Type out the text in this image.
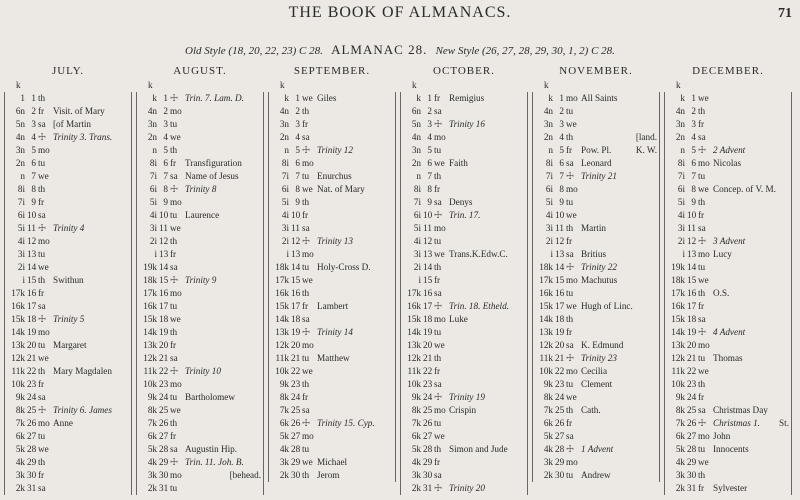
THE BOOK OF ALMANACS.	71
Old Style (18, 20, 22, 23) C 28. ALMANAC 28. New Style (26, 27, 28, 29, 30, 1, 2) C 28.
JULY.
k
1 1 th
6n 2 fr Visit. of Mary
5n 3 sa [of Martin
4n 4 ☩ Trinity 3. Trans.
3n 5 mo
2n 6 tu
n 7 we
8i 8 th
7i 9 fr
6i 10 sa
5i 11 ☩ Trinity 4
4i 12 mo
3i 13 tu
2i 14 we
i 15 th Swithun
17k 16 fr
16k 17 sa
15k 18 ☩ Trinity 5
14k 19 mo
13k 20 tu Margaret
12k 21 we
11k 22 th Mary Magdalen
10k 23 fr
9k 24 sa
8k 25 ☩ Trinity 6. James
7k 26 mo Anne
6k 27 tu
5k 28 we
4k 29 th
3k 30 fr
2k 31 sa
AUGUST.
k
k 1 ☩ Trin. 7. Lam. D.
4n 2 mo
3n 3 tu
2n 4 we
n 5 th
8i 6 fr Transfiguration
7i 7 sa Name of Jesus
6i 8 ☩ Trinity 8
5i 9 mo
4i 10 tu Laurence
3i 11 we
2i 12 th
i 13 fr
19k 14 sa
18k 15 ☩ Trinity 9
17k 16 mo
16k 17 tu
15k 18 we
14k 19 th
13k 20 fr
12k 21 sa
11k 22 ☩ Trinity 10
10k 23 mo
9k 24 tu Bartholomew
8k 25 we
7k 26 th
6k 27 fr
5k 28 sa Augustin Hip.
4k 29 ☩ Trin. 11. Joh. B.
3k 30 mo	[behead.
2k 31 tu
SEPTEMBER.
k
k 1 we Giles
4n 2 th
3n 3 fr
2n 4 sa
n 5 ☩ Trinity 12
8i 6 mo
7i 7 tu Enurchus
6i 8 we Nat. of Mary
5i 9 th
4i 10 fr
3i 11 sa
2i 12 ☩ Trinity 13
i 13 mo
18k 14 tu Holy-Cross D.
17k 15 we
16k 16 th
15k 17 fr Lambert
14k 18 sa
13k 19 ☩ Trinity 14
12k 20 mo
11k 21 tu Matthew
10k 22 we
9k 23 th
8k 24 fr
7k 25 sa
6k 26 ☩ Trinity 15. Cyp.
5k 27 mo
4k 28 tu
3k 29 we Michael
2k 30 th Jerom
OCTOBER.
k
k 1 fr Remigius
6n 2 sa
5n 3 ☩ Trinity 16
4n 4 mo
3n 5 tu
2n 6 we Faith
n 7 th
8i 8 fr
7i 9 sa Denys
6i 10 ☩ Trin. 17.
5i 11 mo
4i 12 tu
3i 13 we Trans.K.Edw.C.
2i 14 th
i 15 fr
17k 16 sa
16k 17 ☩ Trin. 18. Etheld.
15k 18 mo Luke
14k 19 tu
13k 20 we
12k 21 th
11k 22 fr
10k 23 sa
9k 24 ☩ Trinity 19
8k 25 mo Crispin
7k 26 tu
6k 27 we
5k 28 th Simon and Jude
4k 29 fr
3k 30 sa
2k 31 ☩ Trinity 20
NOVEMBER.
k
k 1 mo All Saints
4n 2 tu
3n 3 we
2n 4 th	[land.
n 5 fr Pow. Pl.	K. W.
8i 6 sa Leonard
7i 7 ☩ Trinity 21
6i 8 mo
5i 9 tu
4i 10 we
3i 11 th Martin
2i 12 fr
i 13 sa Britius
18k 14 ☩ Trinity 22
17k 15 mo Machutus
16k 16 tu
15k 17 we Hugh of Linc.
14k 18 th
13k 19 fr
12k 20 sa K. Edmund
11k 21 ☩ Trinity 23
10k 22 mo Cecilia
9k 23 tu Clement
8k 24 we
7k 25 th Cath.
6k 26 fr
5k 27 sa
4k 28 ☩ 1 Advent
3k 29 mo
2k 30 tu Andrew
DECEMBER.
k
k 1 we
4n 2 th
3n 3 fr
2n 4 sa
n 5 ☩ 2 Advent
8i 6 mo Nicolas
7i 7 tu
6i 8 we Concep. of V. M.
5i 9 th
4i 10 fr
3i 11 sa
2i 12 ☩ 3 Advent
i 13 mo Lucy
19k 14 tu
18k 15 we
17k 16 th O.S.
16k 17 fr
15k 18 sa
14k 19 ☩ 4 Advent
13k 20 mo
12k 21 tu Thomas
11k 22 we
10k 23 th
9k 24 fr
8k 25 sa Christmas Day
7k 26 ☩ Christmas 1. St.
6k 27 mo John
5k 28 tu Innocents
4k 29 we
3k 30 th
2k 31 fr Sylvester
